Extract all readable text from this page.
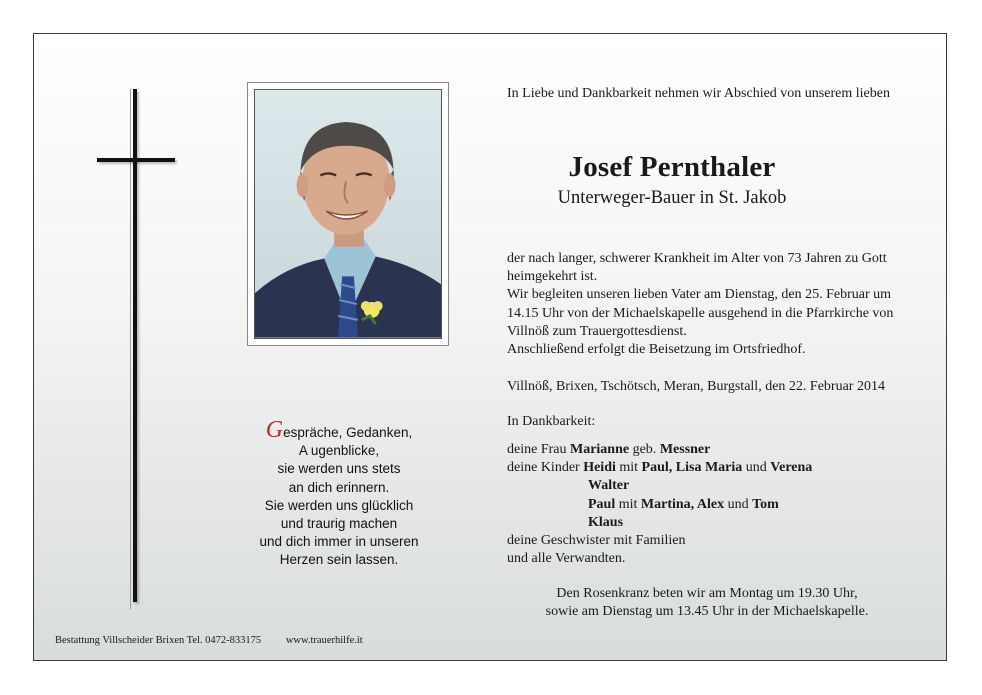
Gespräche, Gedanken,
A ugenblicke,
sie werden uns stets
an dich erinnern.
Sie werden uns glücklich
und traurig machen
und dich immer in unseren
Herzen sein lassen.
In Liebe und Dankbarkeit nehmen wir Abschied von unserem lieben
Josef Pernthaler
Unterweger-Bauer in St. Jakob
der nach langer, schwerer Krankheit im Alter von 73 Jahren zu Gott heimgekehrt ist.
Wir begleiten unseren lieben Vater am Dienstag, den 25. Februar um 14.15 Uhr von der Michaelskapelle ausgehend in die Pfarrkirche von Villnöß zum Trauergottesdienst.
Anschließend erfolgt die Beisetzung im Ortsfriedhof.
Villnöß, Brixen, Tschötsch, Meran, Burgstall, den 22. Februar 2014
In Dankbarkeit:
deine Frau Marianne geb. Messner
deine Kinder Heidi mit Paul, Lisa Maria und Verena
Walter
Paul mit Martina, Alex und Tom
Klaus
deine Geschwister mit Familien
und alle Verwandten.
Den Rosenkranz beten wir am Montag um 19.30 Uhr,
sowie am Dienstag um 13.45 Uhr in der Michaelskapelle.
Bestattung Villscheider Brixen Tel. 0472-833175 www.trauerhilfe.it
